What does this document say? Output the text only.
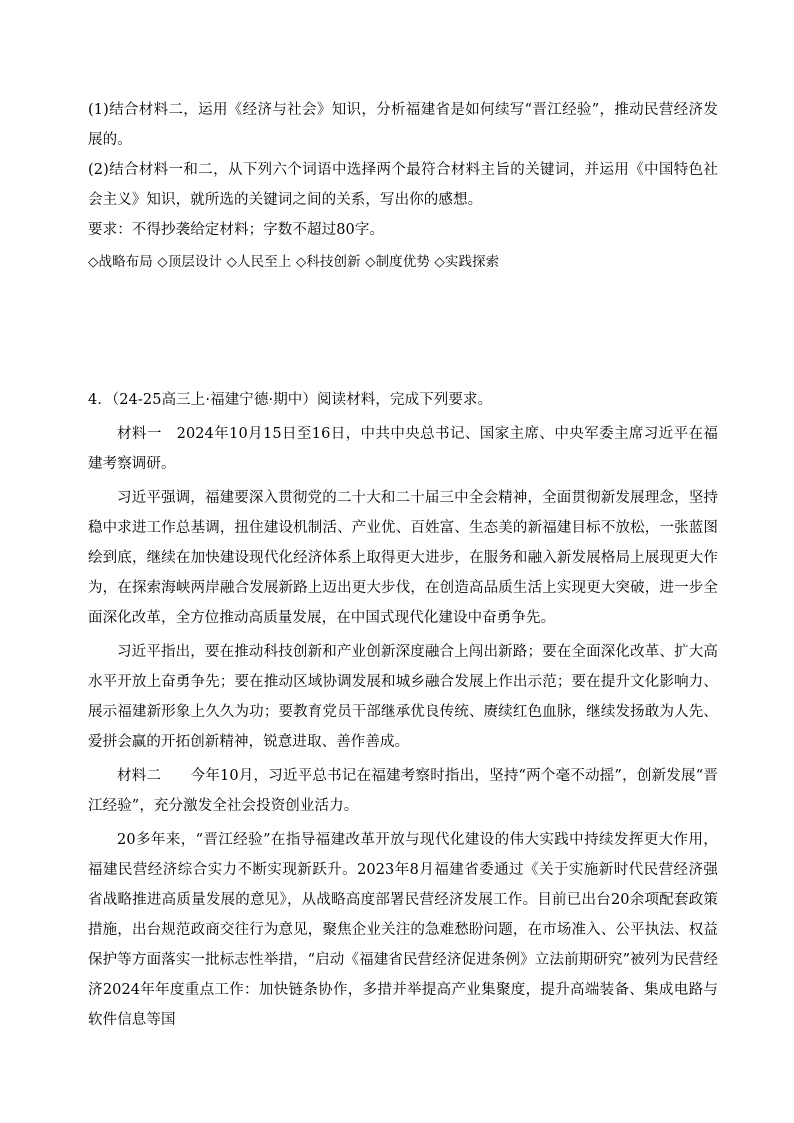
(1)结合材料二，运用《经济与社会》知识，分析福建省是如何续写“晋江经验”，推动民营经济发展的。

(2)结合材料一和二，从下列六个词语中选择两个最符合材料主旨的关键词，并运用《中国特色社会主义》知识，就所选的关键词之间的关系，写出你的感想。

要求：不得抄袭给定材料；字数不超过80字。

◇战略布局 ◇顶层设计 ◇人民至上 ◇科技创新 ◇制度优势 ◇实践探索

4．（24-25高三上·福建宁德·期中）阅读材料，完成下列要求。

材料一　2024年10月15日至16日，中共中央总书记、国家主席、中央军委主席习近平在福建考察调研。

习近平强调，福建要深入贯彻党的二十大和二十届三中全会精神，全面贯彻新发展理念，坚持稳中求进工作总基调，扭住建设机制活、产业优、百姓富、生态美的新福建目标不放松，一张蓝图绘到底，继续在加快建设现代化经济体系上取得更大进步，在服务和融入新发展格局上展现更大作为，在探索海峡两岸融合发展新路上迈出更大步伐，在创造高品质生活上实现更大突破，进一步全面深化改革，全方位推动高质量发展，在中国式现代化建设中奋勇争先。

习近平指出，要在推动科技创新和产业创新深度融合上闯出新路；要在全面深化改革、扩大高水平开放上奋勇争先；要在推动区域协调发展和城乡融合发展上作出示范；要在提升文化影响力、展示福建新形象上久久为功；要教育党员干部继承优良传统、赓续红色血脉，继续发扬敢为人先、爱拼会赢的开拓创新精神，锐意进取、善作善成。

材料二　　今年10月，习近平总书记在福建考察时指出，坚持“两个毫不动摇”，创新发展“晋江经验”，充分激发全社会投资创业活力。

20多年来，“晋江经验”在指导福建改革开放与现代化建设的伟大实践中持续发挥更大作用，福建民营经济综合实力不断实现新跃升。2023年8月福建省委通过《关于实施新时代民营经济强省战略推进高质量发展的意见》，从战略高度部署民营经济发展工作。目前已出台20余项配套政策措施，出台规范政商交往行为意见，聚焦企业关注的急难愁盼问题，在市场准入、公平执法、权益保护等方面落实一批标志性举措，“启动《福建省民营经济促进条例》立法前期研究”被列为民营经济2024年年度重点工作：加快链条协作，多措并举提高产业集聚度，提升高端装备、集成电路与软件信息等国
